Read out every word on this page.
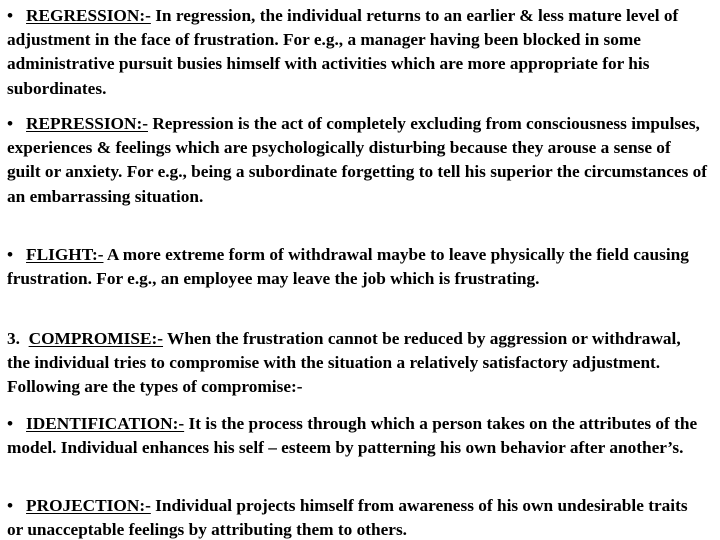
• REGRESSION:- In regression, the individual returns to an earlier & less mature level of adjustment in the face of frustration. For e.g., a manager having been blocked in some administrative pursuit busies himself with activities which are more appropriate for his subordinates.

• REPRESSION:- Repression is the act of completely excluding from consciousness impulses, experiences & feelings which are psychologically disturbing because they arouse a sense of guilt or anxiety. For e.g., being a subordinate forgetting to tell his superior the circumstances of an embarrassing situation.

• FLIGHT:- A more extreme form of withdrawal maybe to leave physically the field causing frustration. For e.g., an employee may leave the job which is frustrating.

3. COMPROMISE:- When the frustration cannot be reduced by aggression or withdrawal, the individual tries to compromise with the situation a relatively satisfactory adjustment. Following are the types of compromise:-

• IDENTIFICATION:- It is the process through which a person takes on the attributes of the model. Individual enhances his self – esteem by patterning his own behavior after another’s.

• PROJECTION:- Individual projects himself from awareness of his own undesirable traits or unacceptable feelings by attributing them to others.
